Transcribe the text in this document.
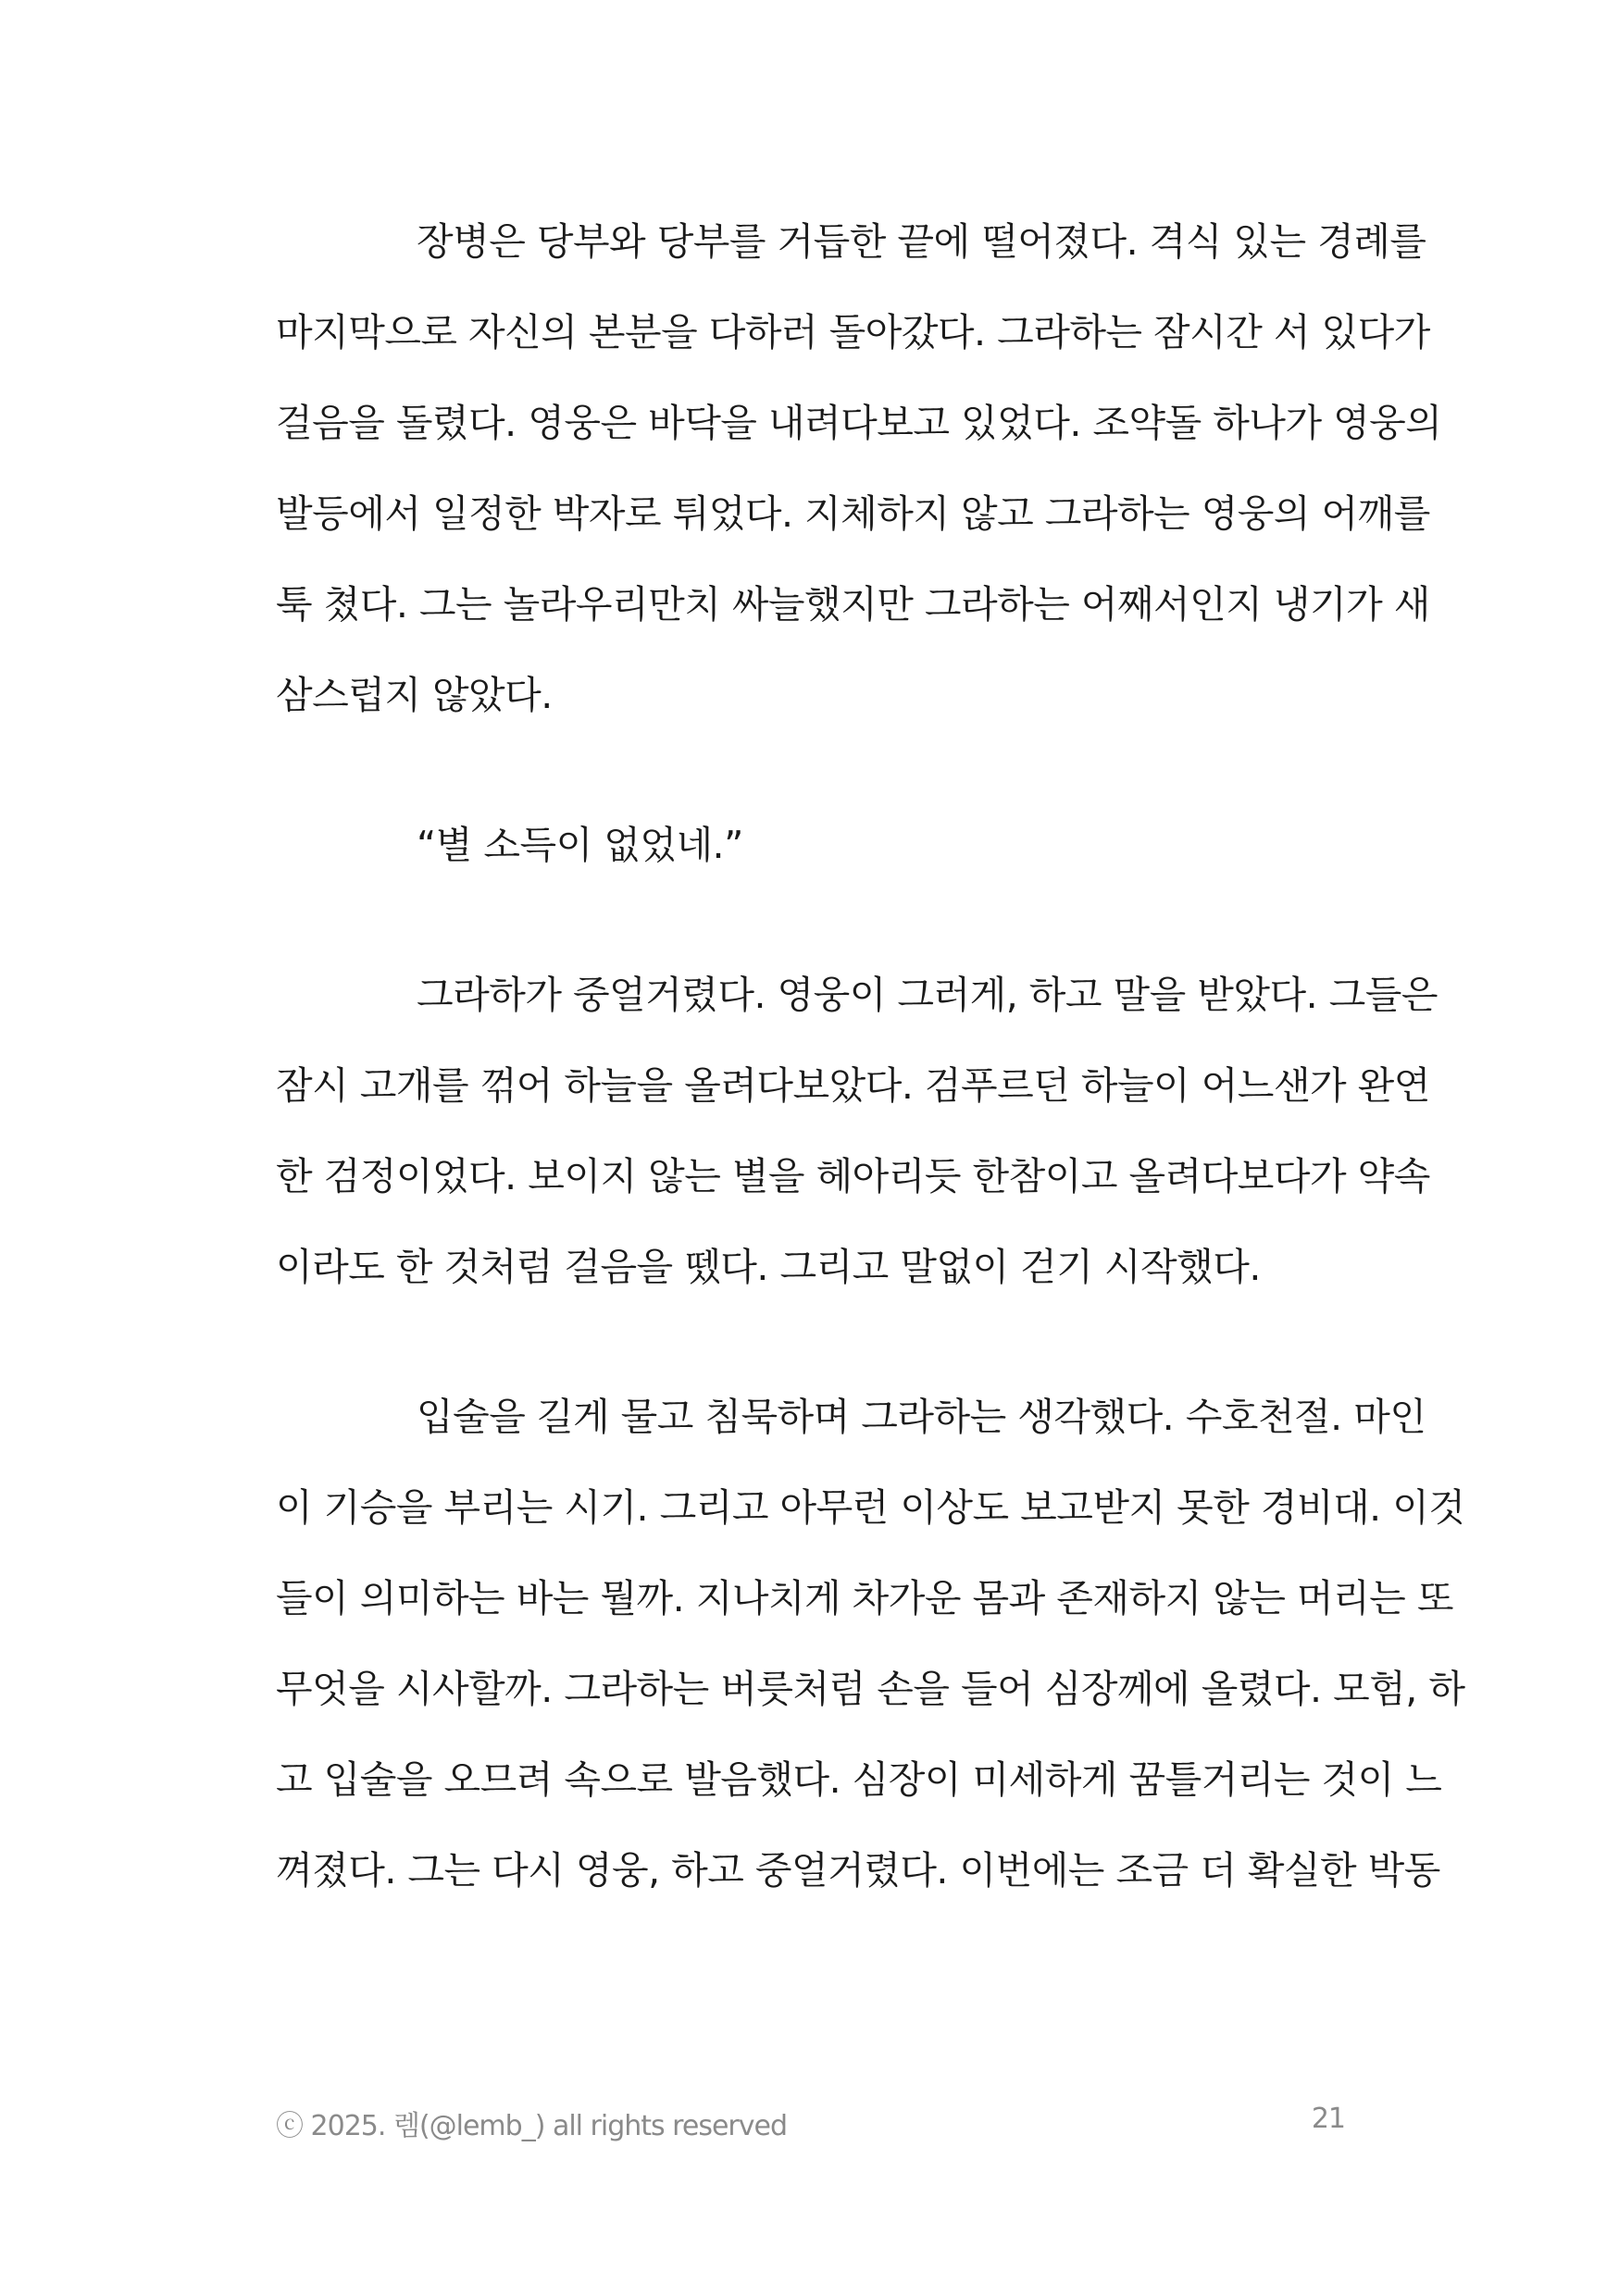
장병은 당부와 당부를 거듭한 끝에 떨어졌다. 격식 있는 경례를
마지막으로 자신의 본분을 다하러 돌아갔다. 그라하는 잠시간 서 있다가
걸음을 돌렸다. 영웅은 바닥을 내려다보고 있었다. 조약돌 하나가 영웅의
발등에서 일정한 박자로 튀었다. 지체하지 않고 그라하는 영웅의 어깨를
툭 쳤다. 그는 놀라우리만치 싸늘했지만 그라하는 어째서인지 냉기가 새
삼스럽지 않았다.
“별 소득이 없었네.”
그라하가 중얼거렸다. 영웅이 그러게, 하고 말을 받았다. 그들은
잠시 고개를 꺾어 하늘을 올려다보았다. 검푸르던 하늘이 어느샌가 완연
한 검정이었다. 보이지 않는 별을 헤아리듯 한참이고 올려다보다가 약속
이라도 한 것처럼 걸음을 뗐다. 그리고 말없이 걷기 시작했다.
입술을 길게 물고 침묵하며 그라하는 생각했다. 수호천절. 마인
이 기승을 부리는 시기. 그리고 아무런 이상도 보고받지 못한 경비대. 이것
들이 의미하는 바는 뭘까. 지나치게 차가운 몸과 존재하지 않는 머리는 또
무엇을 시사할까. 그라하는 버릇처럼 손을 들어 심장께에 올렸다. 모험, 하
고 입술을 오므려 속으로 발음했다. 심장이 미세하게 꿈틀거리는 것이 느
껴졌다. 그는 다시 영웅, 하고 중얼거렸다. 이번에는 조금 더 확실한 박동
ⓒ 2025. 렘(@lemb_) all rights reserved	21
